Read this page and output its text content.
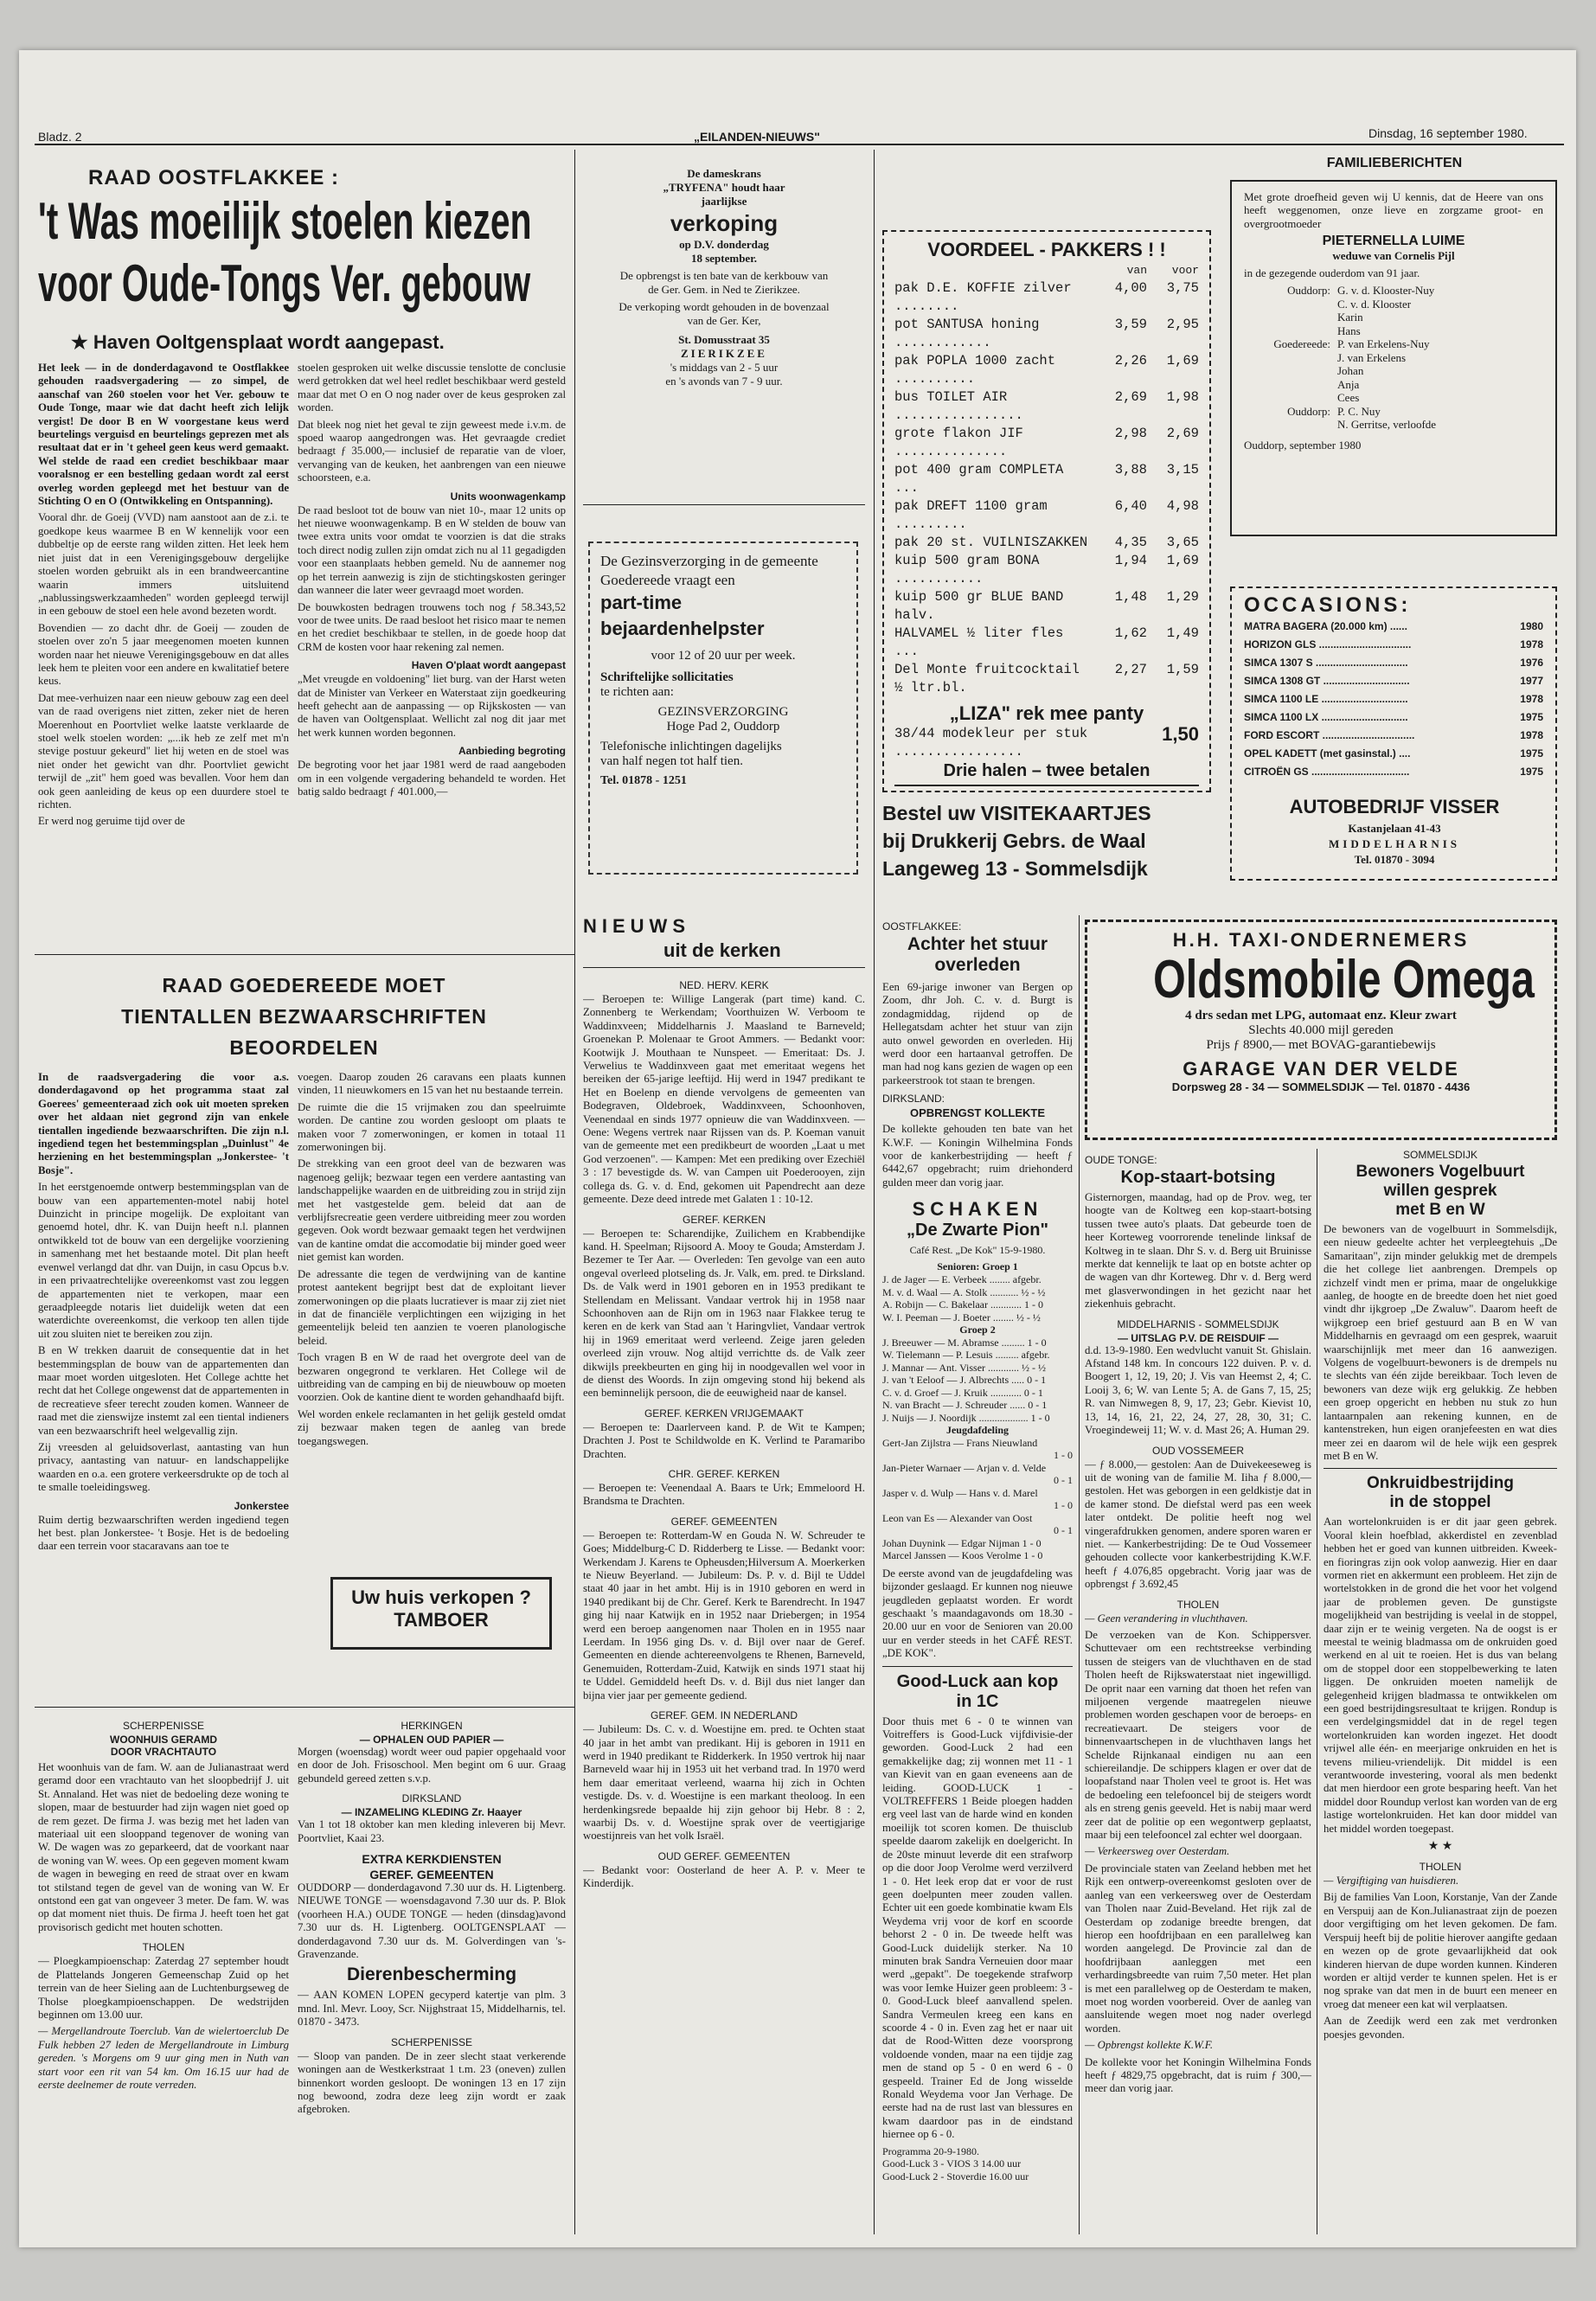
Bladz. 2	„EILANDEN-NIEUWS"	Dinsdag, 16 september 1980.
RAAD OOSTFLAKKEE :
't Was moeilijk stoelen kiezen
voor Oude-Tongs Ver. gebouw
★ Haven Ooltgensplaat wordt aangepast.

Het leek — in de donderdagavond te Oostflakkee gehouden raadsvergadering — zo simpel, de aanschaf van 260 stoelen voor het Ver. gebouw te Oude Tonge, maar wie dat dacht heeft zich lelijk vergist! De door B en W voorgestane keus werd beurtelings verguisd en beurtelings geprezen met als resultaat dat er in 't geheel geen keus werd gemaakt. Wel stelde de raad een crediet beschikbaar maar vooralsnog er een bestelling gedaan wordt zal eerst overleg worden gepleegd met het bestuur van de Stichting O en O (Ontwikkeling en Ontspanning).

Vooral dhr. de Goeij (VVD) nam aanstoot aan de z.i. te goedkope keus waarmee B en W kennelijk voor een dubbeltje op de eerste rang wilden zitten. Het leek hem niet juist dat in een Verenigingsgebouw dergelijke stoelen worden gebruikt als in een brandweercantine waarin immers uitsluitend „nablussingswerkzaamheden" worden gepleegd terwijl in een gebouw de stoel een hele avond bezeten wordt.

Bovendien — zo dacht dhr. de Goeij — zouden de stoelen over zo'n 5 jaar meegenomen moeten kunnen worden naar het nieuwe Verenigingsgebouw en dat alles leek hem te pleiten voor een andere en kwalitatief betere keus.

Dat mee-verhuizen naar een nieuw gebouw zag een deel van de raad overigens niet zitten, zeker niet de heren Moerenhout en Poortvliet welke laatste verklaarde de stoel welk stoelen worden: „...ik heb ze zelf met m'n stevige postuur gekeurd" liet hij weten en de stoel was niet onder het gewicht van dhr. Poortvliet gewicht terwijl de „zit" hem goed was bevallen. Voor hem dan ook geen aanleiding de keus op een duurdere stoel te richten.

Er werd nog geruime tijd over de

stoelen gesproken uit welke discussie tenslotte de conclusie werd getrokken dat wel heel redlet beschikbaar werd gesteld maar dat met O en O nog nader over de keus gesproken zal worden.

Dat bleek nog niet het geval te zijn geweest mede i.v.m. de spoed waarop aangedrongen was. Het gevraagde crediet bedraagt ƒ 35.000,— inclusief de reparatie van de vloer, vervanging van de keuken, het aanbrengen van een nieuwe schoorsteen, e.a.

Units woonwagenkamp

De raad besloot tot de bouw van niet 10-, maar 12 units op het nieuwe woonwagenkamp. B en W stelden de bouw van twee extra units voor omdat te voorzien is dat die straks toch direct nodig zullen zijn omdat zich nu al 11 gegadigden voor een staanplaats hebben gemeld. Nu de aannemer nog op het terrein aanwezig is zijn de stichtingskosten geringer dan wanneer die later weer gevraagd moet worden.

De bouwkosten bedragen trouwens toch nog ƒ 58.343,52 voor de twee units. De raad besloot het risico maar te nemen en het crediet beschikbaar te stellen, in de goede hoop dat CRM de kosten voor haar rekening zal nemen.

Haven O'plaat wordt aangepast

„Met vreugde en voldoening" liet burg. van der Harst weten dat de Minister van Verkeer en Waterstaat zijn goedkeuring heeft gehecht aan de aanpassing — op Rijkskosten — van de haven van Ooltgensplaat. Wellicht zal nog dit jaar met het werk kunnen worden begonnen.

Aanbieding begroting

De begroting voor het jaar 1981 werd de raad aangeboden om in een volgende vergadering behandeld te worden. Het batig saldo bedraagt ƒ 401.000,—

De dameskrans
„TRYFENA" houdt haar
jaarlijkse
verkoping
op D.V. donderdag
18 september.
De opbrengst is ten bate van de kerkbouw van de Ger. Gem. in Ned te Zierikzee.
De verkoping wordt gehouden in de bovenzaal van de Ger. Ker,
St. Domusstraat 35
ZIERIKZEE
's middags van 2 - 5 uur
en 's avonds van 7 - 9 uur.
De Gezinsverzorging in de gemeente Goedereede vraagt een
part-time
bejaardenhelpster
voor 12 of 20 uur per week.
Schriftelijke sollicitaties
te richten aan:
GEZINSVERZORGING
Hoge Pad 2, Ouddorp
Telefonische inlichtingen dagelijks
van half negen tot half tien.
Tel. 01878 - 1251
VOORDEEL - PAKKERS ! !
van	voor
pak D.E. KOFFIE zilver ........
4,00	3,75
pot SANTUSA honing ............
3,59	2,95
pak POPLA 1000 zacht ..........
2,26	1,69
bus TOILET AIR ................
2,69	1,98
grote flakon JIF ..............
2,98	2,69
pot 400 gram COMPLETA ...
3,88	3,15
pak DREFT 1100 gram .........
6,40	4,98
pak 20 st. VUILNISZAKKEN	4,35	3,65
kuip 500 gram BONA ...........
1,94	1,69
kuip 500 gr BLUE BAND halv.
1,48	1,29
HALVAMEL ½ liter fles ...
1,62	1,49
Del Monte fruitcocktail ½ ltr.bl.
2,27	1,59
„LIZA" rek mee panty
38/44 modekleur per stuk ................
1,50
Drie halen – twee betalen
Bestel uw VISITEKAARTJES
bij Drukkerij Gebrs. de Waal
Langeweg 13 - Sommelsdijk
FAMILIEBERICHTEN
Met grote droefheid geven wij U kennis, dat de Heere van ons heeft weggenomen, onze lieve en zorgzame groot- en overgrootmoeder
PIETERNELLA LUIME
weduwe van Cornelis Pijl
in de gezegende ouderdom van 91 jaar.
Ouddorp: G. v. d. Klooster-Nuy
C. v. d. Klooster
Karin
Hans
Goedereede: P. van Erkelens-Nuy
J. van Erkelens
Johan
Anja
Cees
Ouddorp: P. C. Nuy
N. Gerritse, verloofde
Ouddorp, september 1980
OCCASIONS:
MATRA BAGERA (20.000 km) ......	1980
HORIZON GLS ................................	1978
SIMCA 1307 S ................................	1976
SIMCA 1308 GT ..............................	1977
SIMCA 1100 LE ..............................	1978
SIMCA 1100 LX ..............................	1975
FORD ESCORT ................................	1978
OPEL KADETT (met gasinstal.) ....	1975
CITROËN GS ..................................	1975
AUTOBEDRIJF VISSER
Kastanjelaan 41-43
MIDDELHARNIS
Tel. 01870 - 3094
RAAD GOEDEREEDE MOET
TIENTALLEN BEZWAARSCHRIFTEN
BEOORDELEN

In de raadsvergadering die voor a.s. donderdagavond op het programma staat zal Goerees' gemeenteraad zich ook uit moeten spreken over het aldaan niet gegrond zijn van enkele tientallen ingediende bezwaarschriften. Die zijn n.l. ingediend tegen het bestemmingsplan „Duinlust" 4e herziening en het bestemmingsplan „Jonkerstee- 't Bosje".

In het eerstgenoemde ontwerp bestemmingsplan van de bouw van een appartementen-motel nabij hotel Duinzicht in principe mogelijk. De exploitant van genoemd hotel, dhr. K. van Duijn heeft n.l. plannen ontwikkeld tot de bouw van een dergelijke voorziening in samenhang met het bestaande motel. Dit plan heeft evenwel verlangd dat dhr. van Duijn, in casu Opcus b.v. in een privaatrechtelijke overeenkomst vast zou leggen de appartementen niet te verkopen, maar een geraadpleegde notaris liet duidelijk weten dat een waterdichte overeenkomst, die verkoop ten allen tijde uit zou sluiten niet te bereiken zou zijn.

B en W trekken daaruit de consequentie dat in het bestemmingsplan de bouw van de appartementen dan maar moet worden uitgesloten. Het College achtte het recht dat het College ongewenst dat de appartementen in de recreatieve sfeer terecht zouden komen. Wanneer de raad met die zienswijze instemt zal een tiental indieners van een bezwaarschrift heel welgevallig zijn.

Zij vreesden al geluidsoverlast, aantasting van hun privacy, aantasting van natuur- en landschappelijke waarden en o.a. een grotere verkeersdrukte op de toch al te smalle toeleidingsweg.

Jonkerstee

Ruim dertig bezwaarschriften werden ingediend tegen het best. plan Jonkerstee- 't Bosje. Het is de bedoeling daar een terrein voor stacaravans aan toe te

voegen. Daarop zouden 26 caravans een plaats kunnen vinden, 11 nieuwkomers en 15 van het nu bestaande terrein.

De ruimte die die 15 vrijmaken zou dan speelruimte worden. De cantine zou worden gesloopt om plaats te maken voor 7 zomerwoningen, er komen in totaal 11 zomerwoningen bij.

De strekking van een groot deel van de bezwaren was nagenoeg gelijk; bezwaar tegen een verdere aantasting van landschappelijke waarden en de uitbreiding zou in strijd zijn met het vastgestelde gem. beleid dat aan de verblijfsrecreatie geen verdere uitbreiding meer zou worden gegeven. Ook wordt bezwaar gemaakt tegen het verdwijnen van de kantine omdat die accomodatie bij minder goed weer niet gemist kan worden.

De adressante die tegen de verdwijning van de kantine protest aantekent begrijpt best dat de exploitant liever zomerwoningen op die plaats lucratiever is maar zij ziet niet in dat de financiële verplichtingen een wijziging in het gemeentelijk beleid ten aanzien te voeren planologische beleid.

Toch vragen B en W de raad het overgrote deel van de bezwaren ongegrond te verklaren. Het College wil de uitbreiding van de camping en bij de nieuwbouw op moeten voorzien. Ook de kantine dient te worden gehandhaafd bijft.

Wel worden enkele reclamanten in het gelijk gesteld omdat zij bezwaar maken tegen de aanleg van brede toegangswegen.

Uw huis verkopen ?
TAMBOER
SCHERPENISSE
WOONHUIS GERAMD
DOOR VRACHTAUTO

Het woonhuis van de fam. W. aan de Julianastraat werd geramd door een vrachtauto van het sloopbedrijf J. uit St. Annaland. Het was niet de bedoeling deze woning te slopen, maar de bestuurder had zijn wagen niet goed op de rem gezet. De firma J. was bezig met het laden van materiaal uit een slooppand tegenover de woning van W. De wagen was zo geparkeerd, dat de voorkant naar de woning van W. wees. Op een gegeven moment kwam de wagen in beweging en reed de straat over en kwam tot stilstand tegen de gevel van de woning van W. Er ontstond een gat van ongeveer 3 meter. De fam. W. was op dat moment niet thuis. De firma J. heeft toen het gat provisorisch gedicht met houten schotten.

THOLEN

— Ploegkampioenschap: Zaterdag 27 september houdt de Plattelands Jongeren Gemeenschap Zuid op het terrein van de heer Sieling aan de Luchtenburgseweg de Tholse ploegkampioenschappen. De wedstrijden beginnen om 13.00 uur.

— Mergellandroute Toerclub. Van de wielertoerclub De Fulk hebben 27 leden de Mergellandroute in Limburg gereden. 's Morgens om 9 uur ging men in Nuth van start voor een rit van 54 km. Om 16.15 uur had de eerste deelnemer de route verreden.

HERKINGEN
— OPHALEN OUD PAPIER —

Morgen (woensdag) wordt weer oud papier opgehaald voor en door de Joh. Frisoschool. Men begint om 6 uur. Graag gebundeld gereed zetten s.v.p.

DIRKSLAND
— INZAMELING KLEDING Zr. Haayer

Van 1 tot 18 oktober kan men kleding inleveren bij Mevr. Poortvliet, Kaai 23.

EXTRA KERKDIENSTEN
GEREF. GEMEENTEN

OUDDORP — donderdagavond 7.30 uur ds. H. Ligtenberg. NIEUWE TONGE — woensdagavond 7.30 uur ds. P. Blok (voorheen H.A.) OUDE TONGE — heden (dinsdag)avond 7.30 uur ds. H. Ligtenberg. OOLTGENSPLAAT — donderdagavond 7.30 uur ds. M. Golverdingen van 's-Gravenzande.

Dierenbescherming

— AAN KOMEN LOPEN gecyperd katertje van plm. 3 mnd. Inl. Mevr. Looy, Scr. Nijghstraat 15, Middelharnis, tel. 01870 - 3473.

SCHERPENISSE

— Sloop van panden. De in zeer slecht staat verkerende woningen aan de Westkerkstraat 1 t.m. 23 (oneven) zullen binnenkort worden gesloopt. De woningen 13 en 17 zijn nog bewoond, zodra deze leeg zijn wordt er zaak afgebroken.

NIEUWS
uit de kerken
NED. HERV. KERK

— Beroepen te: Willige Langerak (part time) kand. C. Zonnenberg te Werkendam; Voorthuizen W. Verboom te Waddinxveen; Middelharnis J. Maasland te Barneveld; Groenekan P. Molenaar te Groot Ammers. — Bedankt voor: Kootwijk J. Mouthaan te Nunspeet. — Emeritaat: Ds. J. Verwelius te Waddinxveen gaat met emeritaat wegens het bereiken der 65-jarige leeftijd. Hij werd in 1947 predikant te Het en Boelenp en diende vervolgens de gemeenten van Bodegraven, Oldebroek, Waddinxveen, Schoonhoven, Veenendaal en sinds 1977 opnieuw die van Waddinxveen. — Oene: Wegens vertrek naar Rijssen van ds. P. Koeman vanuit van de gemeente met een predikbeurt de woorden „Laat u met God verzoenen". — Kampen: Met een prediking over Ezechiël 3 : 17 bevestigde ds. W. van Campen uit Poederooyen, zijn collega ds. G. v. d. End, gekomen uit Papendrecht aan deze gemeente. Deze deed intrede met Galaten 1 : 10-12.

GEREF. KERKEN

— Beroepen te: Scharendijke, Zuilichem en Krabbendijke kand. H. Speelman; Rijsoord A. Mooy te Gouda; Amsterdam J. Bezemer te Ter Aar. — Overleden: Ten gevolge van een auto ongeval overleed plotseling ds. Jr. Valk, em. pred. te Dirksland. Ds. de Valk werd in 1901 geboren en in 1953 predikant te Stellendam en Melissant. Vandaar vertrok hij in 1958 naar Schoonhoven aan de Rijn om in 1963 naar Flakkee terug te keren en de kerk van Stad aan 't Haringvliet, Vandaar vertrok hij in 1969 emeritaat werd verleend. Zeige jaren geleden overleed zijn vrouw. Nog altijd verrichtte ds. de Valk zeer dikwijls preekbeurten en ging hij in noodgevallen wel voor in de dienst des Woords. In zijn omgeving stond hij bekend als een beminnelijk persoon, die de eeuwigheid naar de kansel.

GEREF. KERKEN VRIJGEMAAKT

— Beroepen te: Daarlerveen kand. P. de Wit te Kampen; Drachten J. Post te Schildwolde en K. Verlind te Paramaribo Drachten.

CHR. GEREF. KERKEN

— Beroepen te: Veenendaal A. Baars te Urk; Emmeloord H. Brandsma te Drachten.

GEREF. GEMEENTEN

— Beroepen te: Rotterdam-W en Gouda N. W. Schreuder te Goes; Middelburg-C D. Ridderberg te Lisse. — Bedankt voor: Werkendam J. Karens te Opheusden;Hilversum A. Moerkerken te Nieuw Beyerland. — Jubileum: Ds. P. v. d. Bijl te Uddel staat 40 jaar in het ambt. Hij is in 1910 geboren en werd in 1940 predikant bij de Chr. Geref. Kerk te Barendrecht. In 1947 ging hij naar Katwijk en in 1952 naar Driebergen; in 1954 werd een beroep aangenomen naar Tholen en in 1955 naar Leerdam. In 1956 ging Ds. v. d. Bijl over naar de Geref. Gemeenten en diende achtereenvolgens te Rhenen, Barneveld, Genemuiden, Rotterdam-Zuid, Katwijk en sinds 1971 staat hij te Uddel. Gemiddeld heeft Ds. v. d. Bijl dus niet langer dan bijna vier jaar per gemeente gediend.

GEREF. GEM. IN NEDERLAND

— Jubileum: Ds. C. v. d. Woestijne em. pred. te Ochten staat 40 jaar in het ambt van predikant. Hij is geboren in 1911 en werd in 1940 predikant te Ridderkerk. In 1950 vertrok hij naar Barneveld waar hij in 1953 uit het verband trad. In 1970 werd hem daar emeritaat verleend, waarna hij zich in Ochten vestigde. Ds. v. d. Woestijne is een markant theoloog. In een herdenkingsrede bepaalde hij zijn gehoor bij Hebr. 8 : 2, waarbij Ds. v. d. Woestijne sprak over de veertigjarige woestijnreis van het volk Israël.

OUD GEREF. GEMEENTEN

— Bedankt voor: Oosterland de heer A. P. v. Meer te Kinderdijk.

OOSTFLAKKEE:
Achter het stuur
overleden

Een 69-jarige inwoner van Bergen op Zoom, dhr Joh. C. v. d. Burgt is zondagmiddag, rijdend op de Hellegatsdam achter het stuur van zijn auto onwel geworden en overleden. Hij werd door een hartaanval getroffen. De man had nog kans gezien de wagen op een parkeerstrook tot staan te brengen.

DIRKSLAND:
OPBRENGST KOLLEKTE

De kollekte gehouden ten bate van het K.W.F. — Koningin Wilhelmina Fonds voor de kankerbestrijding — heeft ƒ 6442,67 opgebracht; ruim driehonderd gulden meer dan vorig jaar.

SCHAKEN
„De Zwarte Pion"
Café Rest. „De Kok" 15-9-1980.
Senioren: Groep 1
J. de Jager — E. Verbeek ........ afgebr.
M. v. d. Waal — A. Stolk ........... ½ - ½
A. Robijn — C. Bakelaar ............ 1 - 0
W. I. Peeman — J. Boeter ........ ½ - ½
Groep 2
J. Breeuwer — M. Abramse ......... 1 - 0
W. Tielemann — P. Lesuis ......... afgebr.
J. Mannar — Ant. Visser ............ ½ - ½
J. van 't Eeloof — J. Albrechts ..... 0 - 1
C. v. d. Groef — J. Kruik ............ 0 - 1
N. van Bracht — J. Schreuder ...... 0 - 1
J. Nuijs — J. Noordijk ................... 1 - 0
Jeugdafdeling
Gert-Jan Zijlstra — Frans Nieuwland
1 - 0
Jan-Pieter Warnaer — Arjan v. d. Velde
0 - 1
Jasper v. d. Wulp — Hans v. d. Marel
1 - 0
Leon van Es — Alexander van Oost
0 - 1
Johan Duynink — Edgar Nijman 1 - 0
Marcel Janssen — Koos Verolme 1 - 0

De eerste avond van de jeugdafdeling was bijzonder geslaagd. Er kunnen nog nieuwe jeugdleden geplaatst worden. Er wordt geschaakt 's maandagavonds om 18.30 - 20.00 uur en voor de Senioren van 20.00 uur en verder steeds in het CAFÉ REST. „DE KOK".

Good-Luck aan kop
in 1C

Door thuis met 6 - 0 te winnen van Voitreffers is Good-Luck vijfdivisie-der geworden. Good-Luck 2 had een gemakkelijke dag; zij wonnen met 11 - 1 van Kievit van en gaan eveneens aan de leiding. GOOD-LUCK 1 - VOLTREFFERS 1 Beide ploegen hadden erg veel last van de harde wind en konden moeilijk tot scoren komen. De thuisclub speelde daarom zakelijk en doelgericht. In de 20ste minuut leverde dit een strafworp op die door Joop Verolme werd verzilverd 1 - 0. Het leek erop dat er voor de rust geen doelpunten meer zouden vallen. Echter uit een goede kombinatie kwam Els Weydema vrij voor de korf en scoorde behorst 2 - 0 in. De tweede helft was Good-Luck duidelijk sterker. Na 10 minuten brak Sandra Verneuien door maar werd „gepakt". De toegekende strafworp was voor Iemke Huizer geen probleem: 3 - 0. Good-Luck bleef aanvallend spelen. Sandra Vermeulen kreeg een kans en scoorde 4 - 0 in. Even zag het er naar uit dat de Rood-Witten deze voorsprong voldoende vonden, maar na een tijdje zag men de stand op 5 - 0 en werd 6 - 0 gespeeld. Trainer Ed de Jong wisselde Ronald Weydema voor Jan Verhage. De eerste had na de rust last van blessures en kwam daardoor pas in de eindstand hiernee op 6 - 0.

Programma 20-9-1980.
Good-Luck 3 - VIOS 3 14.00 uur
Good-Luck 2 - Stoverdie 16.00 uur
H.H. TAXI-ONDERNEMERS
Oldsmobile Omega
4 drs sedan met LPG, automaat enz. Kleur zwart
Slechts 40.000 mijl gereden
Prijs ƒ 8900,— met BOVAG-garantiebewijs
GARAGE VAN DER VELDE
Dorpsweg 28 - 34 — SOMMELSDIJK — Tel. 01870 - 4436
OUDE TONGE:
Kop-staart-botsing

Gisternorgen, maandag, had op de Prov. weg, ter hoogte van de Koltweg een kop-staart-botsing tussen twee auto's plaats. Dat gebeurde toen de heer Korteweg voorrorende tenelinde linksaf de Koltweg in te slaan. Dhr S. v. d. Berg uit Bruinisse merkte dat kennelijk te laat op en botste achter op de wagen van dhr Korteweg. Dhr v. d. Berg werd met glasverwondingen in het gezicht naar het ziekenhuis gebracht.

MIDDELHARNIS - SOMMELSDIJK
— UITSLAG P.V. DE REISDUIF —

d.d. 13-9-1980. Een wedvlucht vanuit St. Ghislain. Afstand 148 km. In concours 122 duiven. P. v. d. Boogert 1, 12, 19, 20; J. Vis van Heemst 2, 4; C. Looij 3, 6; W. van Lente 5; A. de Gans 7, 15, 25; R. van Nimwegen 8, 9, 17, 23; Gebr. Kievist 10, 13, 14, 16, 21, 22, 24, 27, 28, 30, 31; C. Vroegindeweij 11; W. v. d. Mast 26; A. Human 29.

OUD VOSSEMEER

— ƒ 8.000,— gestolen: Aan de Duivekeeseweg is uit de woning van de familie M. Iiha ƒ 8.000,— gestolen. Het was geborgen in een geldkistje dat in de kamer stond. De diefstal werd pas een week later ontdekt. De politie heeft nog wel vingerafdrukken genomen, andere sporen waren er niet. — Kankerbestrijding: De te Oud Vossemeer gehouden collecte voor kankerbestrijding K.W.F. heeft ƒ 4.076,85 opgebracht. Vorig jaar was de opbrengst ƒ 3.692,45

THOLEN
— Geen verandering in vluchthaven.

De verzoeken van de Kon. Schippersver. Schuttevaer om een rechtstreekse verbinding tussen de steigers van de vluchthaven en de stad Tholen heeft de Rijkswaterstaat niet ingewilligd. De oprit naar een varning dat thoen het refen van miljoenen vergende maatregelen nieuwe problemen worden geschapen voor de beroeps- en recreatievaart. De steigers voor de binnenvaartschepen in de vluchthaven langs het Schelde Rijnkanaal eindigen nu aan een schiereilandje. De schippers klagen er over dat de loopafstand naar Tholen veel te groot is. Het was de bedoeling een telefooncel bij de steigers wordt als en streng genis geeveld. Het is nabij maar werd zeer dat de politie op een wegontwerp geplaatst, maar bij een telefooncel zal echter wel doorgaan.

— Verkeersweg over Oesterdam.

De provinciale staten van Zeeland hebben met het Rijk een ontwerp-overeenkomst gesloten over de aanleg van een verkeersweg over de Oesterdam van Tholen naar Zuid-Beveland. Het rijk zal de Oesterdam op zodanige breedte brengen, dat hierop een hoofdrijbaan en een parallelweg kan worden aangelegd. De Provincie zal dan de hoofdrijbaan aanleggen met een verhardingsbreedte van ruim 7,50 meter. Het plan is met een parallelweg op de Oesterdam te maken, moet nog worden voorbereid. Over de aanleg van aansluitende wegen moet nog nader overlegd worden.

— Opbrengst kollekte K.W.F.

De kollekte voor het Koningin Wilhelmina Fonds heeft ƒ 4829,75 opgebracht, dat is ruim ƒ 300,— meer dan vorig jaar.

SOMMELSDIJK
Bewoners Vogelbuurt
willen gesprek
met B en W

De bewoners van de vogelbuurt in Sommelsdijk, een nieuw gedeelte achter het verpleegtehuis „De Samaritaan", zijn minder gelukkig met de drempels die het college liet aanbrengen. Drempels op zichzelf vindt men er prima, maar de ongelukkige aanleg, de hoogte en de breedte doen het niet goed vindt dhr ijkgroep „De Zwaluw". Daarom heeft de wijkgroep een brief gestuurd aan B en W van Middelharnis en gevraagd om een gesprek, waaruit waarschijnlijk met meer dan 16 aanwezigen. Volgens de vogelbuurt-bewoners is de drempels nu te slechts van één zijde bereikbaar. Toch leven de bewoners van deze wijk erg gelukkig. Ze hebben een groep opgericht en hebben nu stuk zo hun lantaarnpalen aan rekening kunnen, en de kantenstreken, hun eigen oranjefeesten en wat dies meer zei en daarom wil de hele wijk een gesprek met B en W.

Onkruidbestrijding
in de stoppel

Aan wortelonkruiden is er dit jaar geen gebrek. Vooral klein hoefblad, akkerdistel en zevenblad hebben het er goed van kunnen uitbreiden. Kweek- en fioringras zijn ook volop aanwezig. Hier en daar vormen riet en akkermunt een probleem. Het zijn de wortelstokken in de grond die het voor het volgend jaar de problemen geven. De gunstigste mogelijkheid van bestrijding is veelal in de stoppel, daar zijn er te weinig vergeten. Na de oogst is er meestal te weinig bladmassa om de onkruiden goed werkend en al uit te roeien. Het is dus van belang om de stoppel door een stoppelbewerking te laten liggen. De onkruiden moeten namelijk de gelegenheid krijgen bladmassa te ontwikkelen om een goed bestrijdingsresultaat te krijgen. Rondup is een verdelgingsmiddel dat in de regel tegen wortelonkruiden kan worden ingezet. Het doodt vrijwel alle één- en meerjarige onkruiden en het is tevens milieu-vriendelijk. Dit middel is een verantwoorde investering, vooral als men bedenkt dat men hierdoor een grote besparing heeft. Van het middel door Roundup verlost kan worden van de erg lastige wortelonkruiden. Het kan door middel van het middel worden toegepast.

★ ★
THOLEN
— Vergiftiging van huisdieren.

Bij de families Van Loon, Korstanje, Van der Zande en Verspuij aan de Kon.Julianastraat zijn de poezen door vergiftiging om het leven gekomen. De fam. Verspuij heeft bij de politie hierover aangifte gedaan en wezen op de grote gevaarlijkheid dat ook kinderen hiervan de dupe worden kunnen. Kinderen worden er altijd verder te kunnen spelen. Het is er nog sprake van dat men in de buurt een meneer en vroeg dat meneer een kat wil verplaatsen.

Aan de Zeedijk werd een zak met verdronken poesjes gevonden.
